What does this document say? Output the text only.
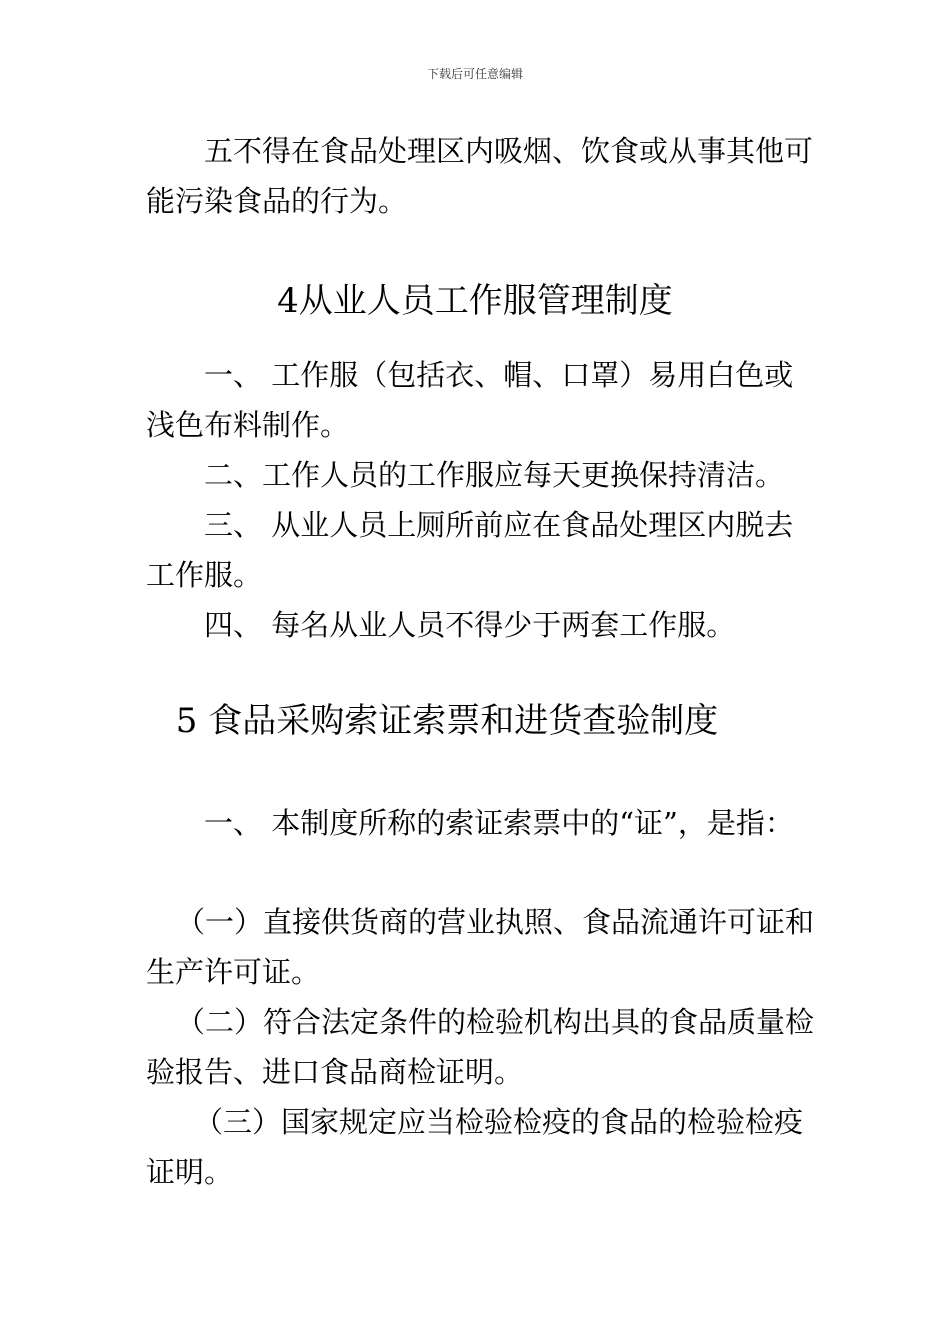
下载后可任意编辑
五不得在食品处理区内吸烟、饮食或从事其他可
能污染食品的行为。
4从业人员工作服管理制度
一、 工作服（包括衣、帽、口罩）易用白色或
浅色布料制作。
二、工作人员的工作服应每天更换保持清洁。
三、 从业人员上厕所前应在食品处理区内脱去
工作服。
四、 每名从业人员不得少于两套工作服。
5 食品采购索证索票和进货查验制度
一、 本制度所称的索证索票中的“证”，是指：
（一）直接供货商的营业执照、食品流通许可证和
生产许可证。
（二）符合法定条件的检验机构出具的食品质量检
验报告、进口食品商检证明。
（三）国家规定应当检验检疫的食品的检验检疫
证明。
